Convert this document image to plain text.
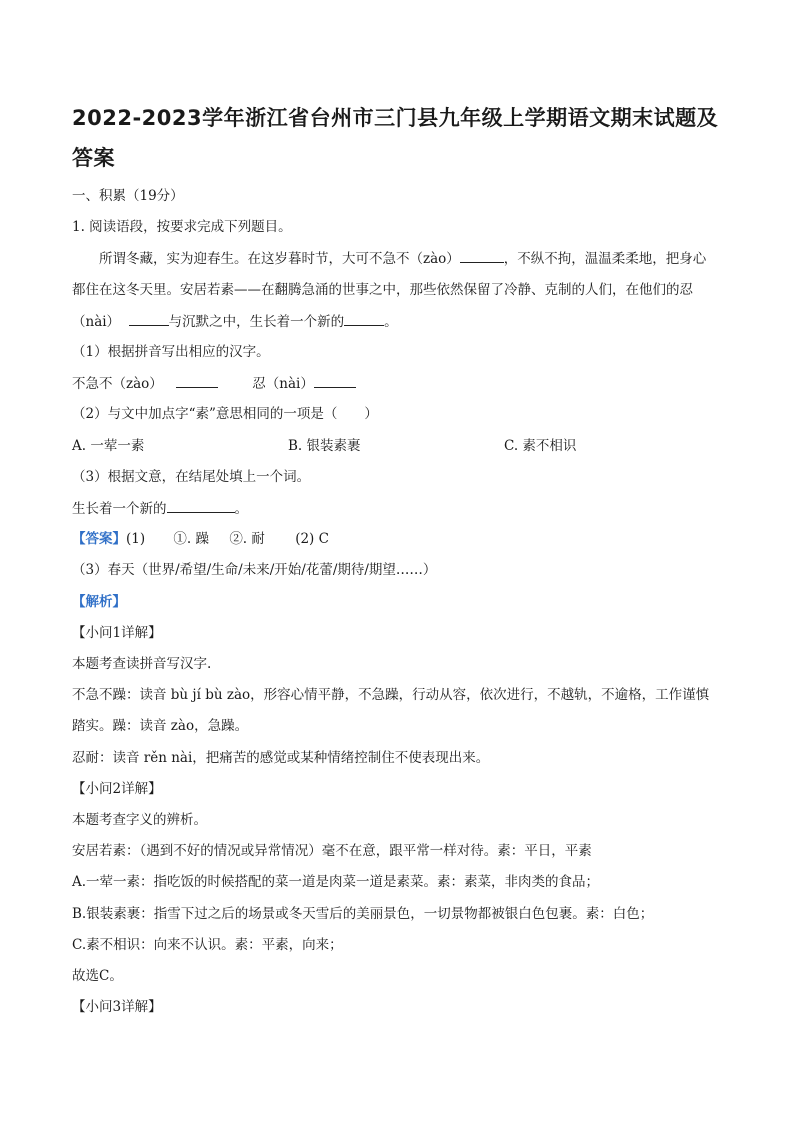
2022-2023学年浙江省台州市三门县九年级上学期语文期末试题及答案
一、积累（19分）
1. 阅读语段，按要求完成下列题目。
所谓冬藏，实为迎春生。在这岁暮时节，大可不急不（zào）	，不纵不拘，温温柔柔地，把身心
都住在这冬天里。安居若素——在翻腾急涌的世事之中，那些依然保留了冷静、克制的人们，在他们的忍
（nài）	与沉默之中，生长着一个新的	。
（1）根据拼音写出相应的汉字。
不急不（zào）	忍（nài）
（2）与文中加点字“素”意思相同的一项是（　　）
A. 一荤一素	B. 银装素裹	C. 素不相识
（3）根据文意，在结尾处填上一个词。
生长着一个新的	。
【答案】(1) ①. 躁 ②. 耐 (2) C
（3）春天（世界/希望/生命/未来/开始/花蕾/期待/期望……）
【解析】
【小问1详解】
本题考查读拼音写汉字.
不急不躁：读音 bù jí bù zào，形容心情平静，不急躁，行动从容，依次进行，不越轨，不逾格，工作谨慎
踏实。躁：读音 zào，急躁。
忍耐：读音 rěn nài，把痛苦的感觉或某种情绪控制住不使表现出来。
【小问2详解】
本题考查字义的辨析。
安居若素：（遇到不好的情况或异常情况）毫不在意，跟平常一样对待。素：平日，平素
A.一荤一素：指吃饭的时候搭配的菜一道是肉菜一道是素菜。素：素菜，非肉类的食品；
B.银装素裹：指雪下过之后的场景或冬天雪后的美丽景色，一切景物都被银白色包裹。素：白色；
C.素不相识：向来不认识。素：平素，向来；
故选C。
【小问3详解】
